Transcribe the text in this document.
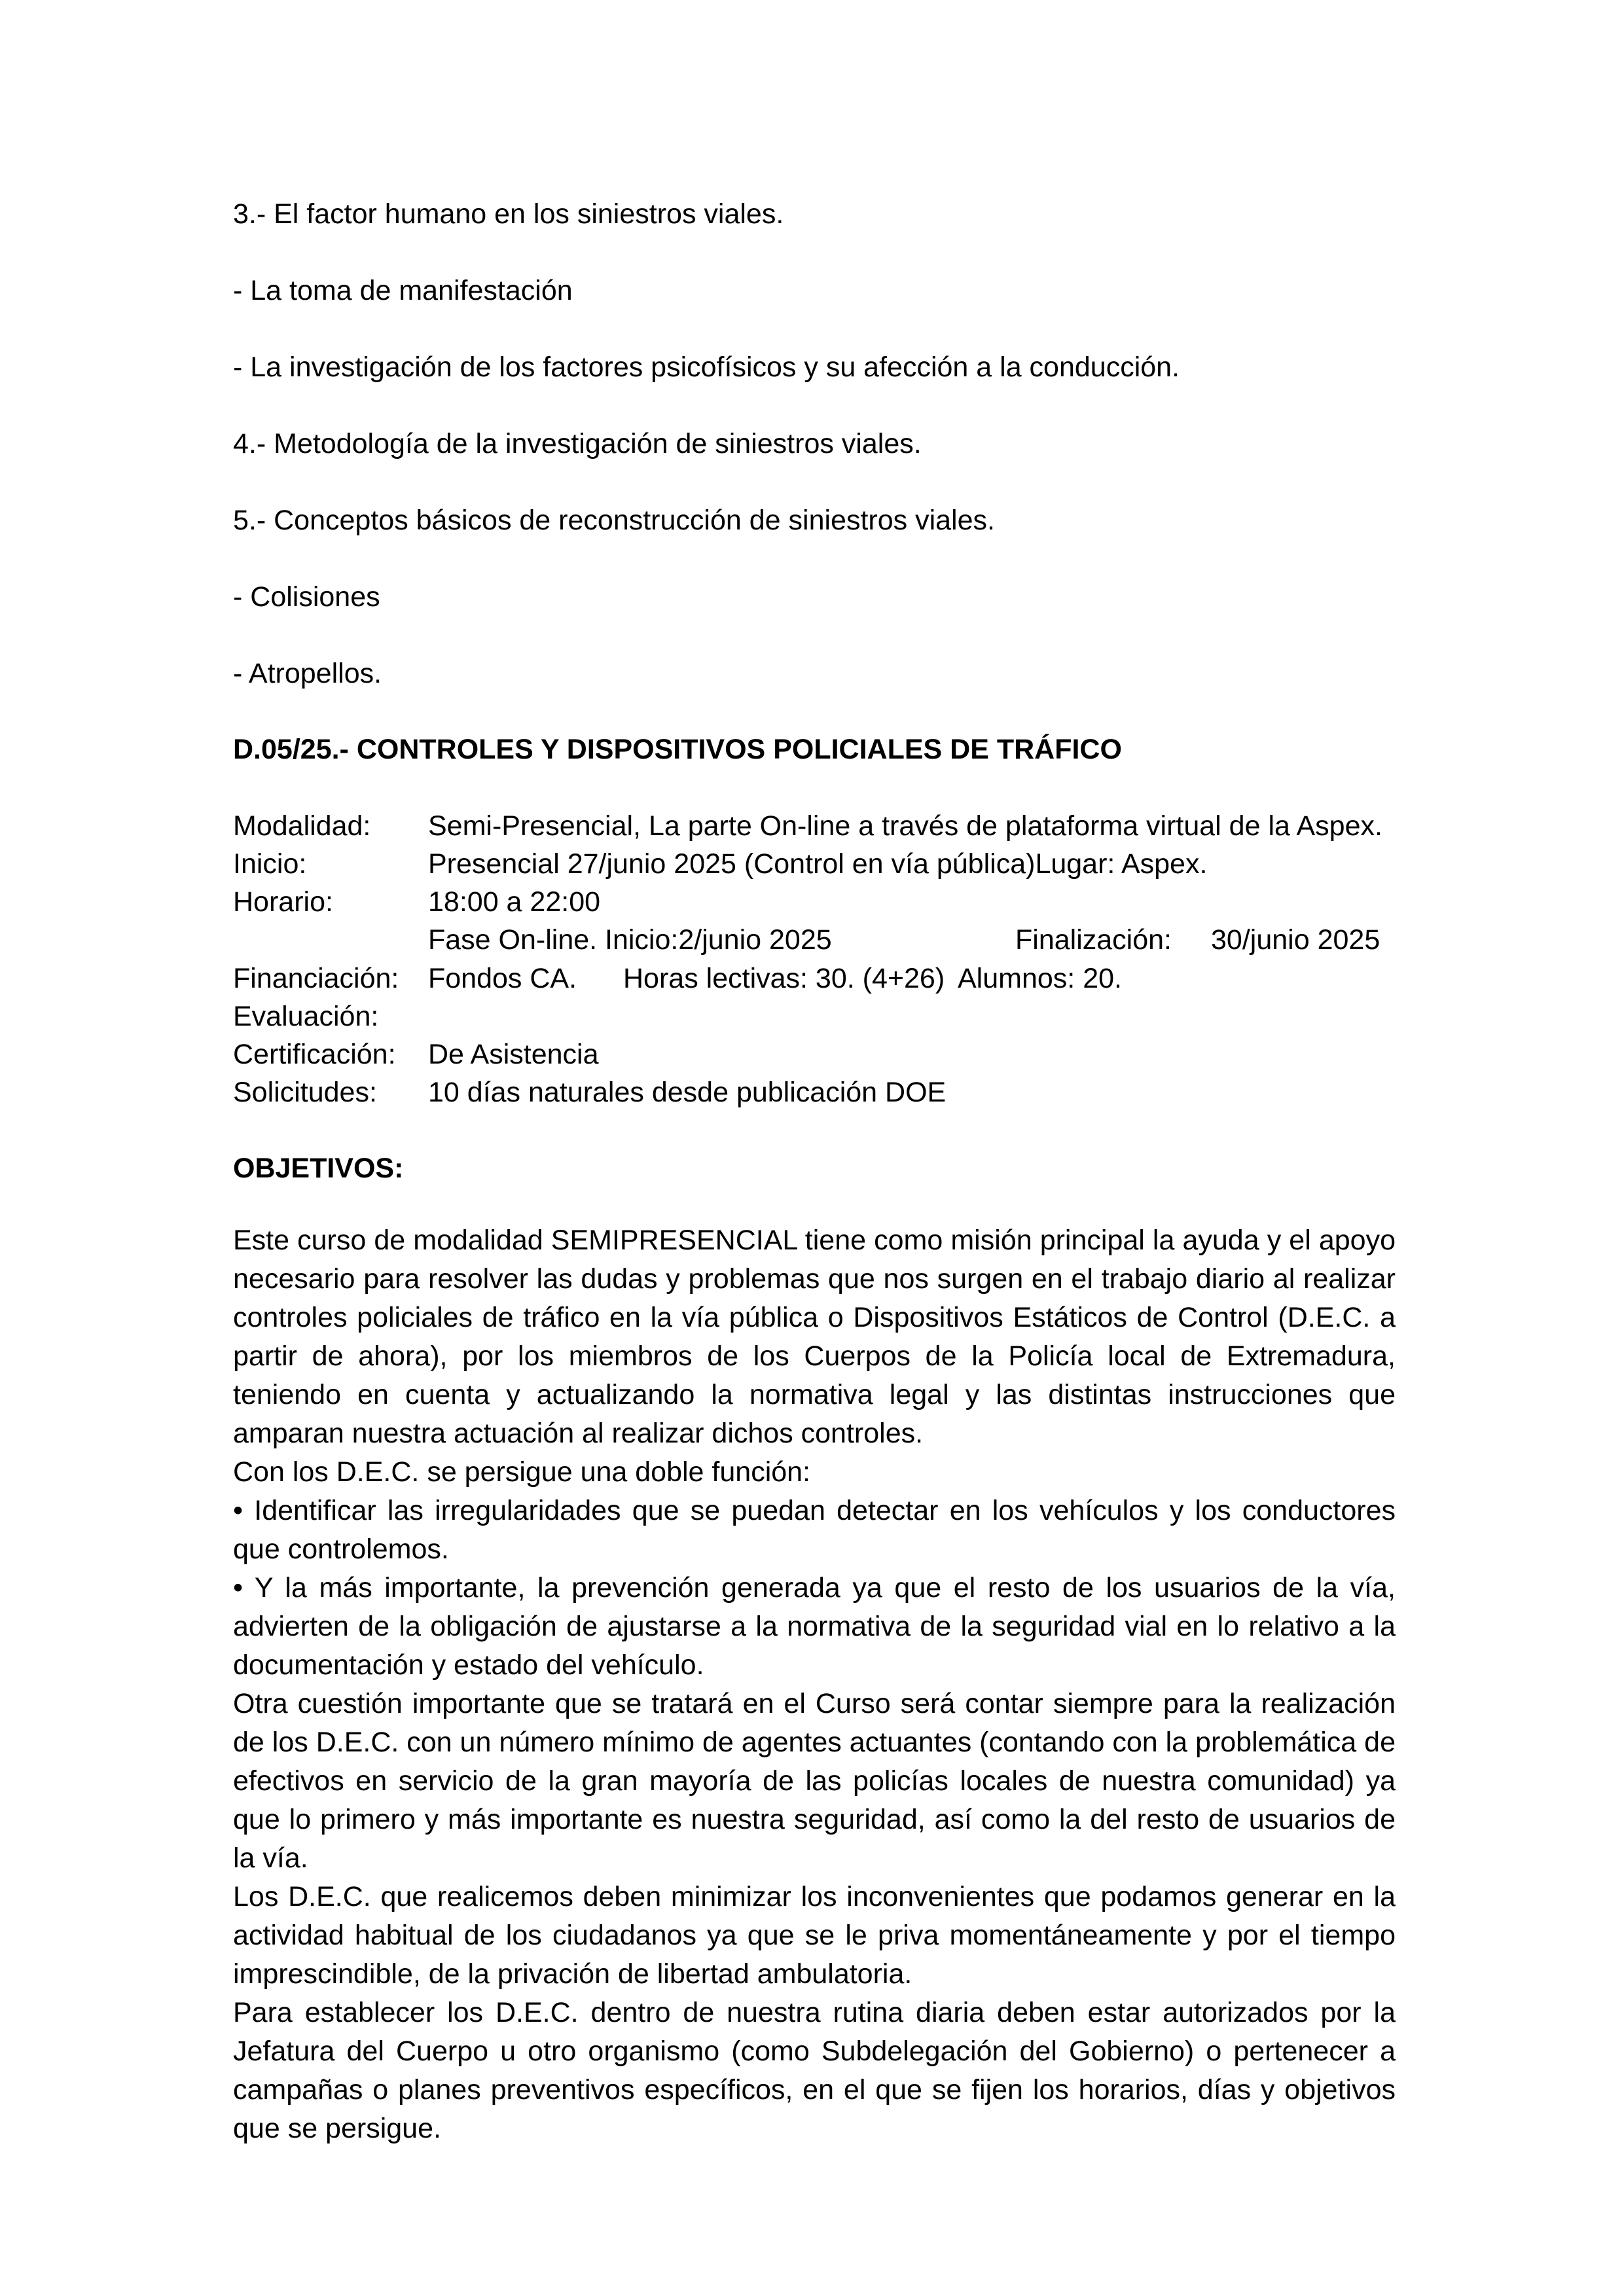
3.- El factor humano en los siniestros viales.
- La toma de manifestación
- La investigación de los factores psicofísicos y su afección a la conducción.
4.- Metodología de la investigación de siniestros viales.
5.- Conceptos básicos de reconstrucción de siniestros viales.
- Colisiones
- Atropellos.
D.05/25.- CONTROLES Y DISPOSITIVOS POLICIALES DE TRÁFICO
Modalidad: Semi-Presencial, La parte On-line a través de plataforma virtual de la Aspex.
Inicio:	Presencial 27/junio 2025 (Control en vía pública)Lugar: Aspex.
Horario:	18:00 a 22:00
Fase On-line. Inicio:2/junio 2025	Finalización: 30/junio 2025
Financiación: Fondos CA. Horas lectivas: 30. (4+26) Alumnos: 20.
Evaluación:
Certificación: De Asistencia
Solicitudes: 10 días naturales desde publicación DOE
OBJETIVOS:

Este curso de modalidad SEMIPRESENCIAL tiene como misión principal la ayuda y el apoyo necesario para resolver las dudas y problemas que nos surgen en el trabajo diario al realizar controles policiales de tráfico en la vía pública o Dispositivos Estáticos de Control (D.E.C. a partir de ahora), por los miembros de los Cuerpos de la Policía local de Extremadura, teniendo en cuenta y actualizando la normativa legal y las distintas instrucciones que amparan nuestra actuación al realizar dichos controles.

Con los D.E.C. se persigue una doble función:

• Identificar las irregularidades que se puedan detectar en los vehículos y los conductores que controlemos.

• Y la más importante, la prevención generada ya que el resto de los usuarios de la vía, advierten de la obligación de ajustarse a la normativa de la seguridad vial en lo relativo a la documentación y estado del vehículo.

Otra cuestión importante que se tratará en el Curso será contar siempre para la realización de los D.E.C. con un número mínimo de agentes actuantes (contando con la problemática de efectivos en servicio de la gran mayoría de las policías locales de nuestra comunidad) ya que lo primero y más importante es nuestra seguridad, así como la del resto de usuarios de la vía.

Los D.E.C. que realicemos deben minimizar los inconvenientes que podamos generar en la actividad habitual de los ciudadanos ya que se le priva momentáneamente y por el tiempo imprescindible, de la privación de libertad ambulatoria.

Para establecer los D.E.C. dentro de nuestra rutina diaria deben estar autorizados por la Jefatura del Cuerpo u otro organismo (como Subdelegación del Gobierno) o pertenecer a campañas o planes preventivos específicos, en el que se fijen los horarios, días y objetivos que se persigue.
